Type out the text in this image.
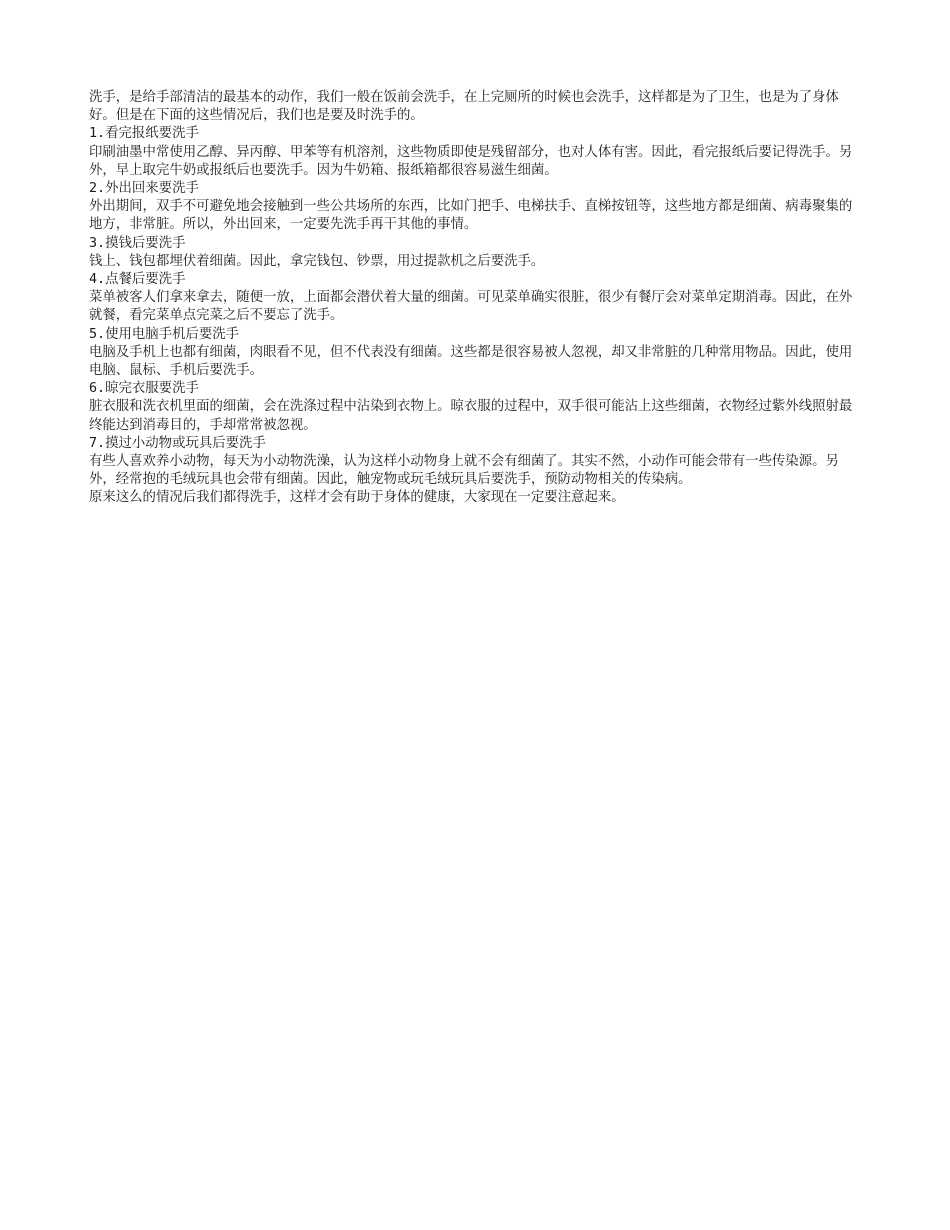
洗手，是给手部清洁的最基本的动作，我们一般在饭前会洗手，在上完厕所的时候也会洗手，这样都是为了卫生，也是为了身体好。但是在下面的这些情况后，我们也是要及时洗手的。

1.看完报纸要洗手

印刷油墨中常使用乙醇、异丙醇、甲苯等有机溶剂，这些物质即使是残留部分，也对人体有害。因此，看完报纸后要记得洗手。另外，早上取完牛奶或报纸后也要洗手。因为牛奶箱、报纸箱都很容易滋生细菌。

2.外出回来要洗手

外出期间，双手不可避免地会接触到一些公共场所的东西，比如门把手、电梯扶手、直梯按钮等，这些地方都是细菌、病毒聚集的地方，非常脏。所以，外出回来，一定要先洗手再干其他的事情。

3.摸钱后要洗手

钱上、钱包都埋伏着细菌。因此，拿完钱包、钞票，用过提款机之后要洗手。

4.点餐后要洗手

菜单被客人们拿来拿去，随便一放，上面都会潜伏着大量的细菌。可见菜单确实很脏，很少有餐厅会对菜单定期消毒。因此，在外就餐，看完菜单点完菜之后不要忘了洗手。

5.使用电脑手机后要洗手

电脑及手机上也都有细菌，肉眼看不见，但不代表没有细菌。这些都是很容易被人忽视，却又非常脏的几种常用物品。因此，使用电脑、鼠标、手机后要洗手。

6.晾完衣服要洗手

脏衣服和洗衣机里面的细菌，会在洗涤过程中沾染到衣物上。晾衣服的过程中，双手很可能沾上这些细菌，衣物经过紫外线照射最终能达到消毒目的，手却常常被忽视。

7.摸过小动物或玩具后要洗手

有些人喜欢养小动物，每天为小动物洗澡，认为这样小动物身上就不会有细菌了。其实不然，小动作可能会带有一些传染源。另外，经常抱的毛绒玩具也会带有细菌。因此，触宠物或玩毛绒玩具后要洗手，预防动物相关的传染病。

原来这么的情况后我们都得洗手，这样才会有助于身体的健康，大家现在一定要注意起来。
